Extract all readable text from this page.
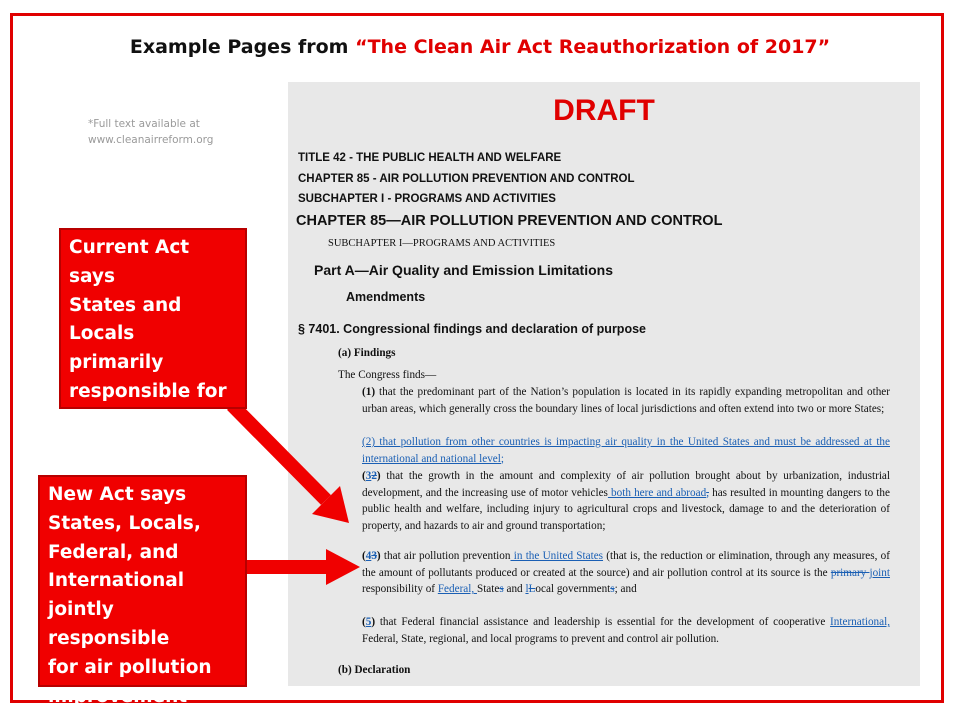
Example Pages from “The Clean Air Act Reauthorization of 2017”
*Full text available at
www.cleanairreform.org
DRAFT
TITLE 42 - THE PUBLIC HEALTH AND WELFARE
CHAPTER 85 - AIR POLLUTION PREVENTION AND CONTROL
SUBCHAPTER I - PROGRAMS AND ACTIVITIES
CHAPTER 85—AIR POLLUTION PREVENTION AND CONTROL
SUBCHAPTER I—PROGRAMS AND ACTIVITIES
Part A—Air Quality and Emission Limitations
Amendments
§ 7401. Congressional findings and declaration of purpose
(a) Findings
The Congress finds—
(1) that the predominant part of the Nation’s population is located in its rapidly expanding metropolitan and other urban areas, which generally cross the boundary lines of local jurisdictions and often extend into two or more States;
(2) that pollution from other countries is impacting air quality in the United States and must be addressed at the international and national level;
(32) that the growth in the amount and complexity of air pollution brought about by urbanization, industrial development, and the increasing use of motor vehicles both here and abroad, has resulted in mounting dangers to the public health and welfare, including injury to agricultural crops and livestock, damage to and the deterioration of property, and hazards to air and ground transportation;
(43) that air pollution prevention in the United States (that is, the reduction or elimination, through any measures, of the amount of pollutants produced or created at the source) and air pollution control at its source is the primary joint responsibility of Federal, States and lLocal governments; and
(5) that Federal financial assistance and leadership is essential for the development of cooperative International, Federal, State, regional, and local programs to prevent and control air pollution.
(b) Declaration
Current Act says
States and Locals
primarily
responsible for
air pollution
improvement
New Act says
States, Locals,
Federal, and
International
jointly responsible
for air pollution
improvement
